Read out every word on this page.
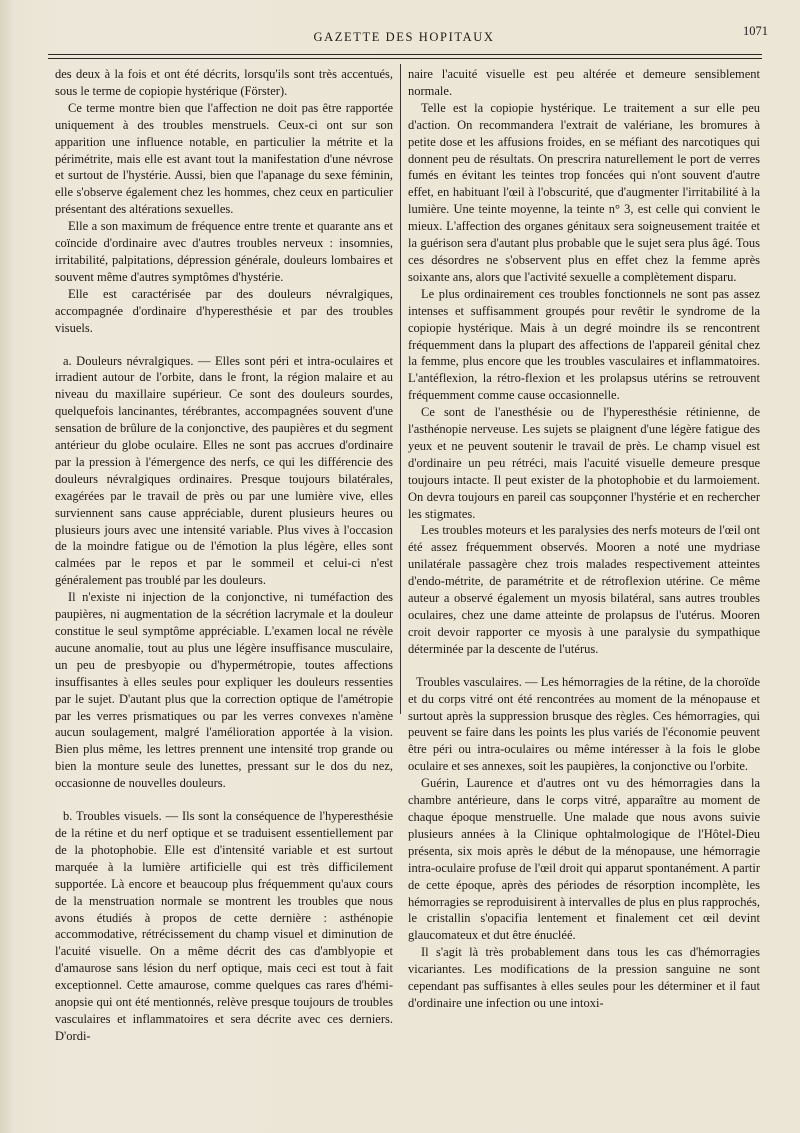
GAZETTE DES HOPITAUX	1071

des deux à la fois et ont été décrits, lorsqu'ils sont très accentués, sous le terme de copiopie hystérique (Förster).

Ce terme montre bien que l'affection ne doit pas être rapportée uniquement à des troubles menstruels. Ceux-ci ont sur son apparition une influence notable, en particulier la métrite et la périmétrite, mais elle est avant tout la manifestation d'une névrose et surtout de l'hystérie. Aussi, bien que l'apanage du sexe féminin, elle s'observe également chez les hommes, chez ceux en particulier présentant des altérations sexuelles.

Elle a son maximum de fréquence entre trente et quarante ans et coïncide d'ordinaire avec d'autres troubles nerveux : insomnies, irritabilité, palpitations, dépression générale, douleurs lombaires et souvent même d'autres symptômes d'hystérie.

Elle est caractérisée par des douleurs névralgiques, accompagnée d'ordinaire d'hyperesthésie et par des troubles visuels.

a. Douleurs névralgiques. — Elles sont péri et intra-oculaires et irradient autour de l'orbite, dans le front, la région malaire et au niveau du maxillaire supérieur. Ce sont des douleurs sourdes, quelquefois lancinantes, térébrantes, accompagnées souvent d'une sensation de brûlure de la conjonctive, des paupières et du segment antérieur du globe oculaire. Elles ne sont pas accrues d'ordinaire par la pression à l'émergence des nerfs, ce qui les différencie des douleurs névralgiques ordinaires. Presque toujours bilatérales, exagérées par le travail de près ou par une lumière vive, elles surviennent sans cause appréciable, durent plusieurs heures ou plusieurs jours avec une intensité variable. Plus vives à l'occasion de la moindre fatigue ou de l'émotion la plus légère, elles sont calmées par le repos et par le sommeil et celui-ci n'est généralement pas troublé par les douleurs.

Il n'existe ni injection de la conjonctive, ni tuméfaction des paupières, ni augmentation de la sécrétion lacrymale et la douleur constitue le seul symptôme appréciable. L'examen local ne révèle aucune anomalie, tout au plus une légère insuffisance musculaire, un peu de presbyopie ou d'hypermétropie, toutes affections insuffisantes à elles seules pour expliquer les douleurs ressenties par le sujet. D'autant plus que la correction optique de l'amétropie par les verres prismatiques ou par les verres convexes n'amène aucun soulagement, malgré l'amélioration apportée à la vision. Bien plus même, les lettres prennent une intensité trop grande ou bien la monture seule des lunettes, pressant sur le dos du nez, occasionne de nouvelles douleurs.

b. Troubles visuels. — Ils sont la conséquence de l'hyperesthésie de la rétine et du nerf optique et se traduisent essentiellement par de la photophobie. Elle est d'intensité variable et est surtout marquée à la lumière artificielle qui est très difficilement supportée. Là encore et beaucoup plus fréquemment qu'aux cours de la menstruation normale se montrent les troubles que nous avons étudiés à propos de cette dernière : asthénopie accommodative, rétrécissement du champ visuel et diminution de l'acuité visuelle. On a même décrit des cas d'amblyopie et d'amaurose sans lésion du nerf optique, mais ceci est tout à fait exceptionnel. Cette amaurose, comme quelques cas rares d'hémi-anopsie qui ont été mentionnés, relève presque toujours de troubles vasculaires et inflammatoires et sera décrite avec ces derniers. D'ordi-

naire l'acuité visuelle est peu altérée et demeure sensiblement normale.

Telle est la copiopie hystérique. Le traitement a sur elle peu d'action. On recommandera l'extrait de valériane, les bromures à petite dose et les affusions froides, en se méfiant des narcotiques qui donnent peu de résultats. On prescrira naturellement le port de verres fumés en évitant les teintes trop foncées qui n'ont souvent d'autre effet, en habituant l'œil à l'obscurité, que d'augmenter l'irritabilité à la lumière. Une teinte moyenne, la teinte n° 3, est celle qui convient le mieux. L'affection des organes génitaux sera soigneusement traitée et la guérison sera d'autant plus probable que le sujet sera plus âgé. Tous ces désordres ne s'observent plus en effet chez la femme après soixante ans, alors que l'activité sexuelle a complètement disparu.

Le plus ordinairement ces troubles fonctionnels ne sont pas assez intenses et suffisamment groupés pour revêtir le syndrome de la copiopie hystérique. Mais à un degré moindre ils se rencontrent fréquemment dans la plupart des affections de l'appareil génital chez la femme, plus encore que les troubles vasculaires et inflammatoires. L'antéflexion, la rétro-flexion et les prolapsus utérins se retrouvent fréquemment comme cause occasionnelle.

Ce sont de l'anesthésie ou de l'hyperesthésie rétinienne, de l'asthénopie nerveuse. Les sujets se plaignent d'une légère fatigue des yeux et ne peuvent soutenir le travail de près. Le champ visuel est d'ordinaire un peu rétréci, mais l'acuité visuelle demeure presque toujours intacte. Il peut exister de la photophobie et du larmoiement. On devra toujours en pareil cas soupçonner l'hystérie et en rechercher les stigmates.

Les troubles moteurs et les paralysies des nerfs moteurs de l'œil ont été assez fréquemment observés. Mooren a noté une mydriase unilatérale passagère chez trois malades respectivement atteintes d'endo-métrite, de paramétrite et de rétroflexion utérine. Ce même auteur a observé également un myosis bilatéral, sans autres troubles oculaires, chez une dame atteinte de prolapsus de l'utérus. Mooren croit devoir rapporter ce myosis à une paralysie du sympathique déterminée par la descente de l'utérus.

Troubles vasculaires. — Les hémorragies de la rétine, de la choroïde et du corps vitré ont été rencontrées au moment de la ménopause et surtout après la suppression brusque des règles. Ces hémorragies, qui peuvent se faire dans les points les plus variés de l'économie peuvent être péri ou intra-oculaires ou même intéresser à la fois le globe oculaire et ses annexes, soit les paupières, la conjonctive ou l'orbite.

Guérin, Laurence et d'autres ont vu des hémorragies dans la chambre antérieure, dans le corps vitré, apparaître au moment de chaque époque menstruelle. Une malade que nous avons suivie plusieurs années à la Clinique ophtalmologique de l'Hôtel-Dieu présenta, six mois après le début de la ménopause, une hémorragie intra-oculaire profuse de l'œil droit qui apparut spontanément. A partir de cette époque, après des périodes de résorption incomplète, les hémorragies se reproduisirent à intervalles de plus en plus rapprochés, le cristallin s'opacifia lentement et finalement cet œil devint glaucomateux et dut être énucléé.

Il s'agit là très probablement dans tous les cas d'hémorragies vicariantes. Les modifications de la pression sanguine ne sont cependant pas suffisantes à elles seules pour les déterminer et il faut d'ordinaire une infection ou une intoxi-
